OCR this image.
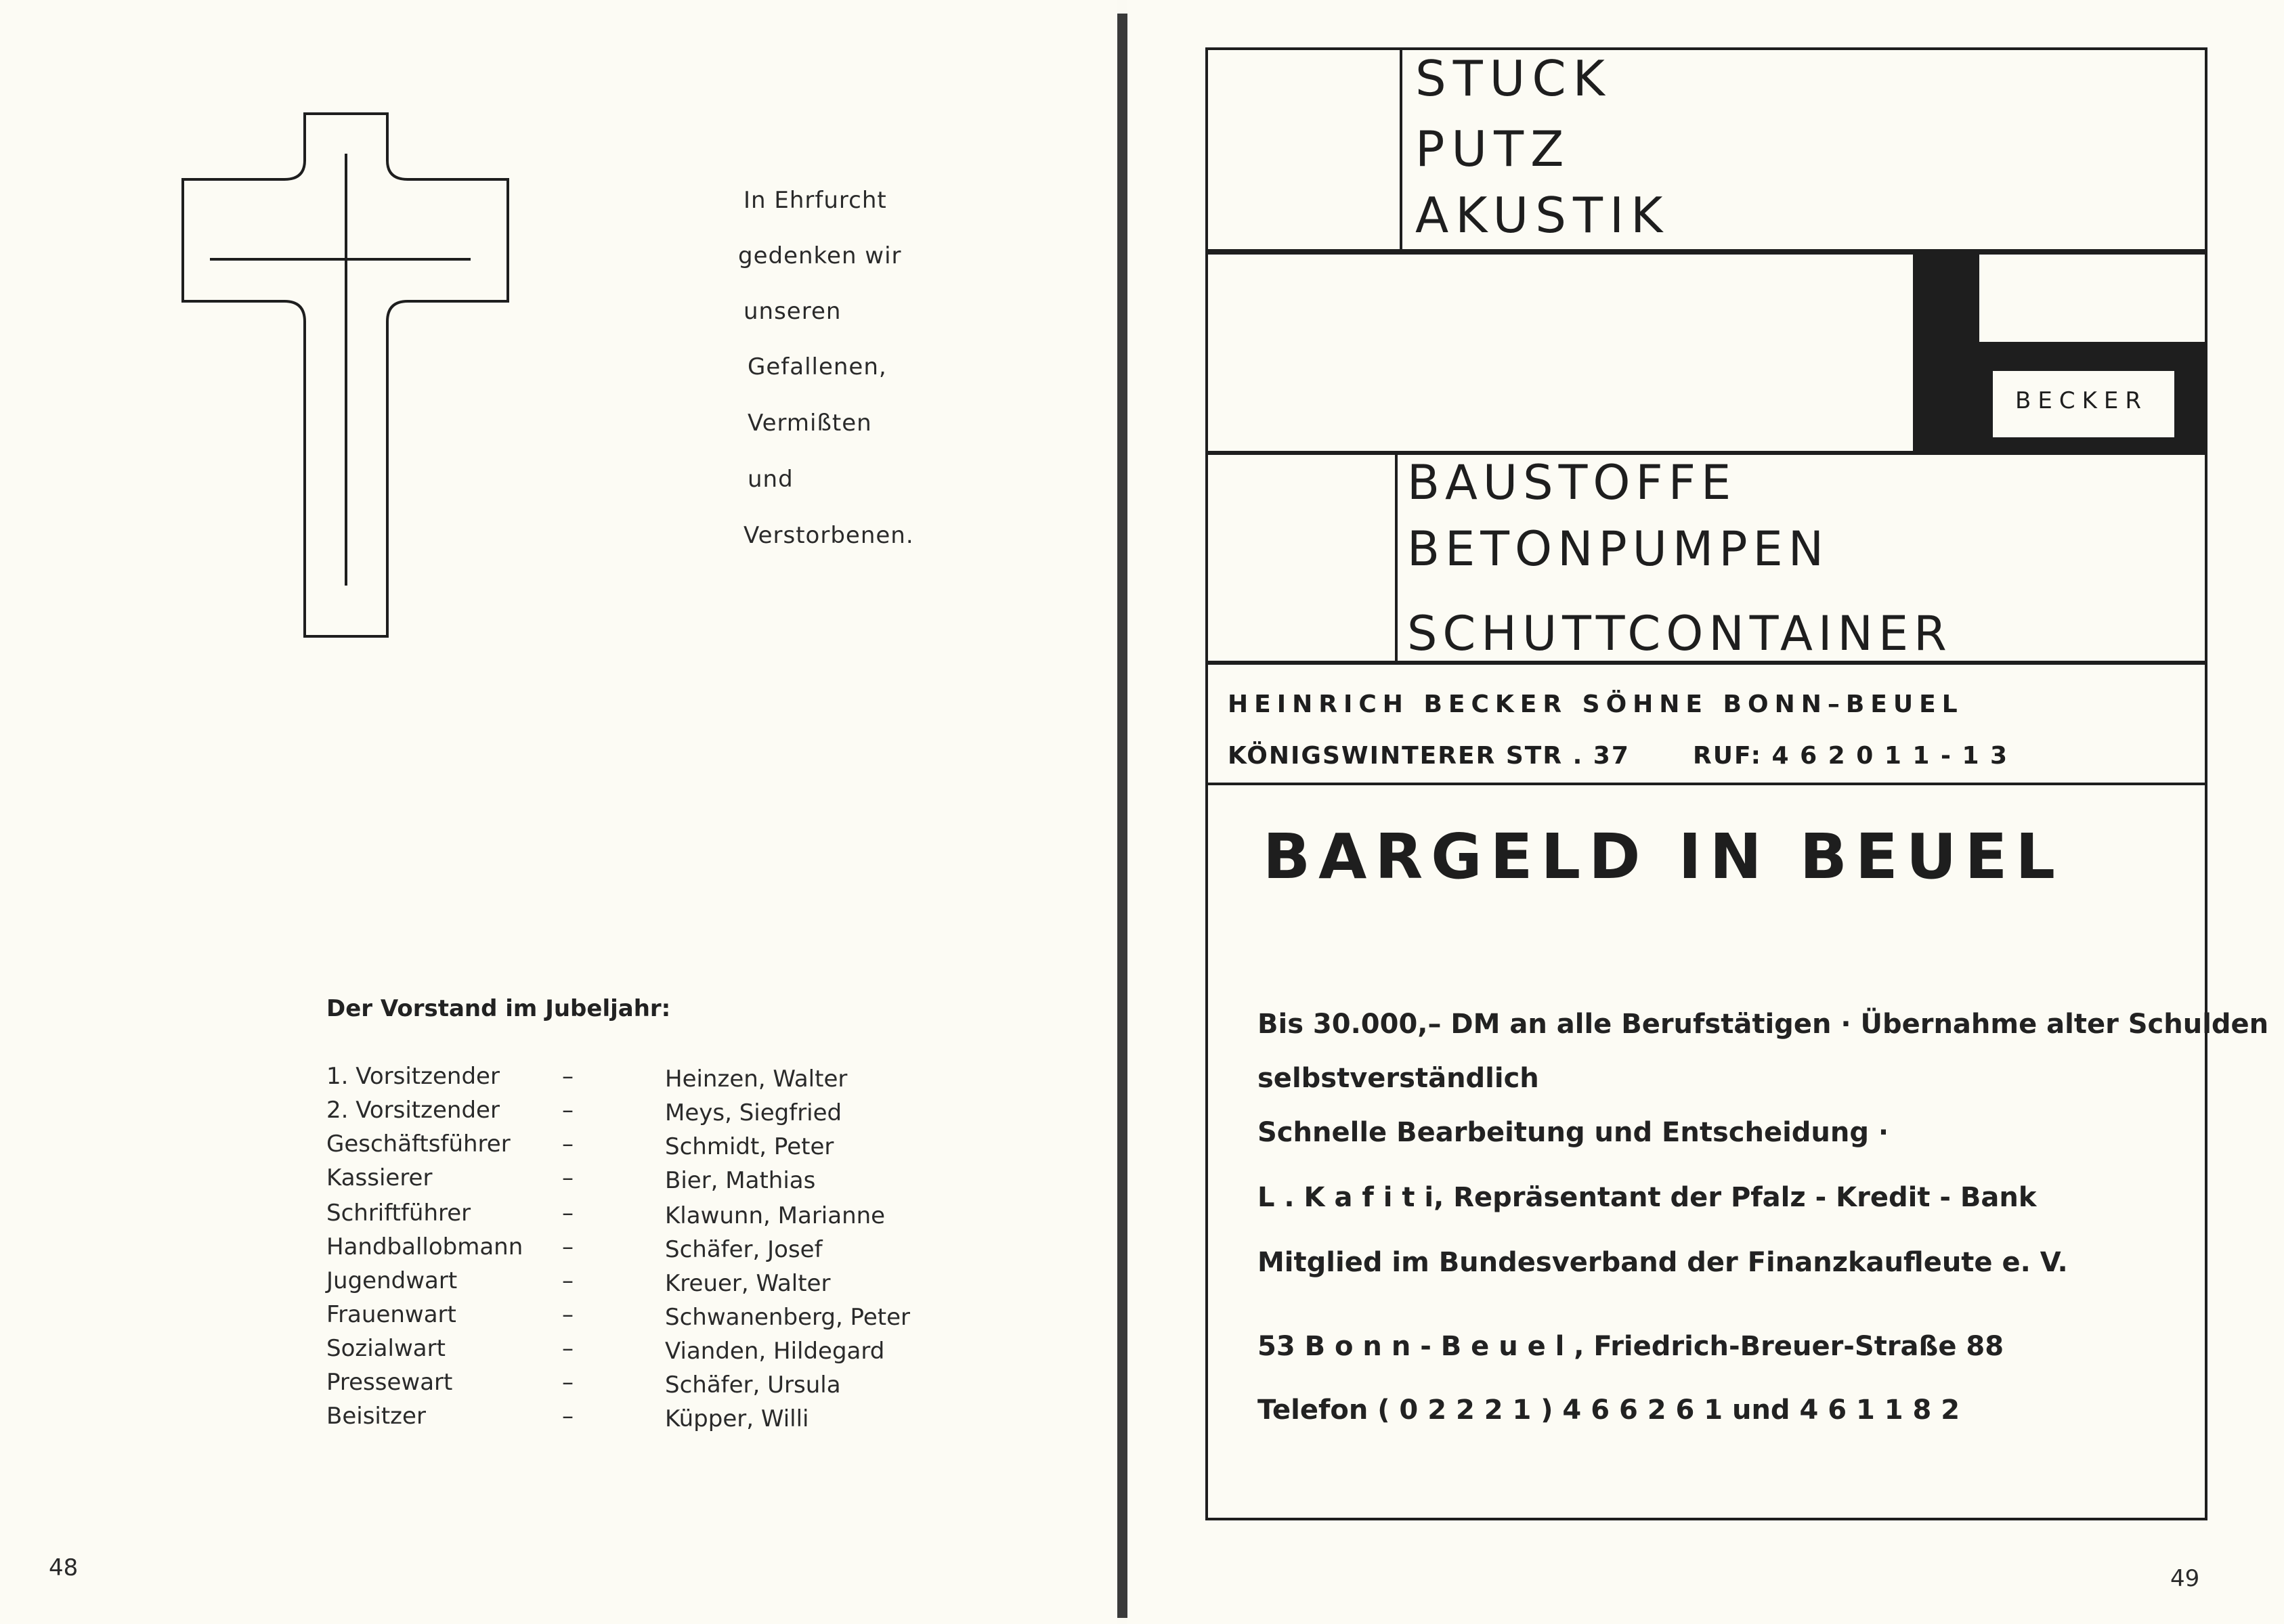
In Ehrfurcht
gedenken wir
unseren
Gefallenen,
Vermißten
und
Verstorbenen.
Der Vorstand im Jubeljahr:
1. Vorsitzender	–	Heinzen, Walter
2. Vorsitzender	–	Meys, Siegfried
Geschäftsführer –	Schmidt, Peter
Kassierer	–	Bier, Mathias
Schriftführer	–	Klawunn, Marianne
Handballobmann –	Schäfer, Josef
Jugendwart	–	Kreuer, Walter
Frauenwart	–	Schwanenberg, Peter
Sozialwart	–	Vianden, Hildegard
Pressewart	–	Schäfer, Ursula
Beisitzer	–	Küpper, Willi
48
STUCK
PUTZ
AKUSTIK
BECKER
BAUSTOFFE
BETONPUMPEN
SCHUTTCONTAINER
HEINRICH BECKER SÖHNE BONN–BEUEL
KÖNIGSWINTERER STR . 37	RUF: 4 6 2 0 1 1 - 1 3
BARGELD IN BEUEL
Bis 30.000,– DM an alle Berufstätigen · Übernahme alter Schulden
selbstverständlich
Schnelle Bearbeitung und Entscheidung ·
L . K a f i t i, Repräsentant der Pfalz - Kredit - Bank
Mitglied im Bundesverband der Finanzkaufleute e. V.
53 B o n n - B e u e l , Friedrich-Breuer-Straße 88
Telefon ( 0 2 2 2 1 ) 4 6 6 2 6 1 und 4 6 1 1 8 2
49
